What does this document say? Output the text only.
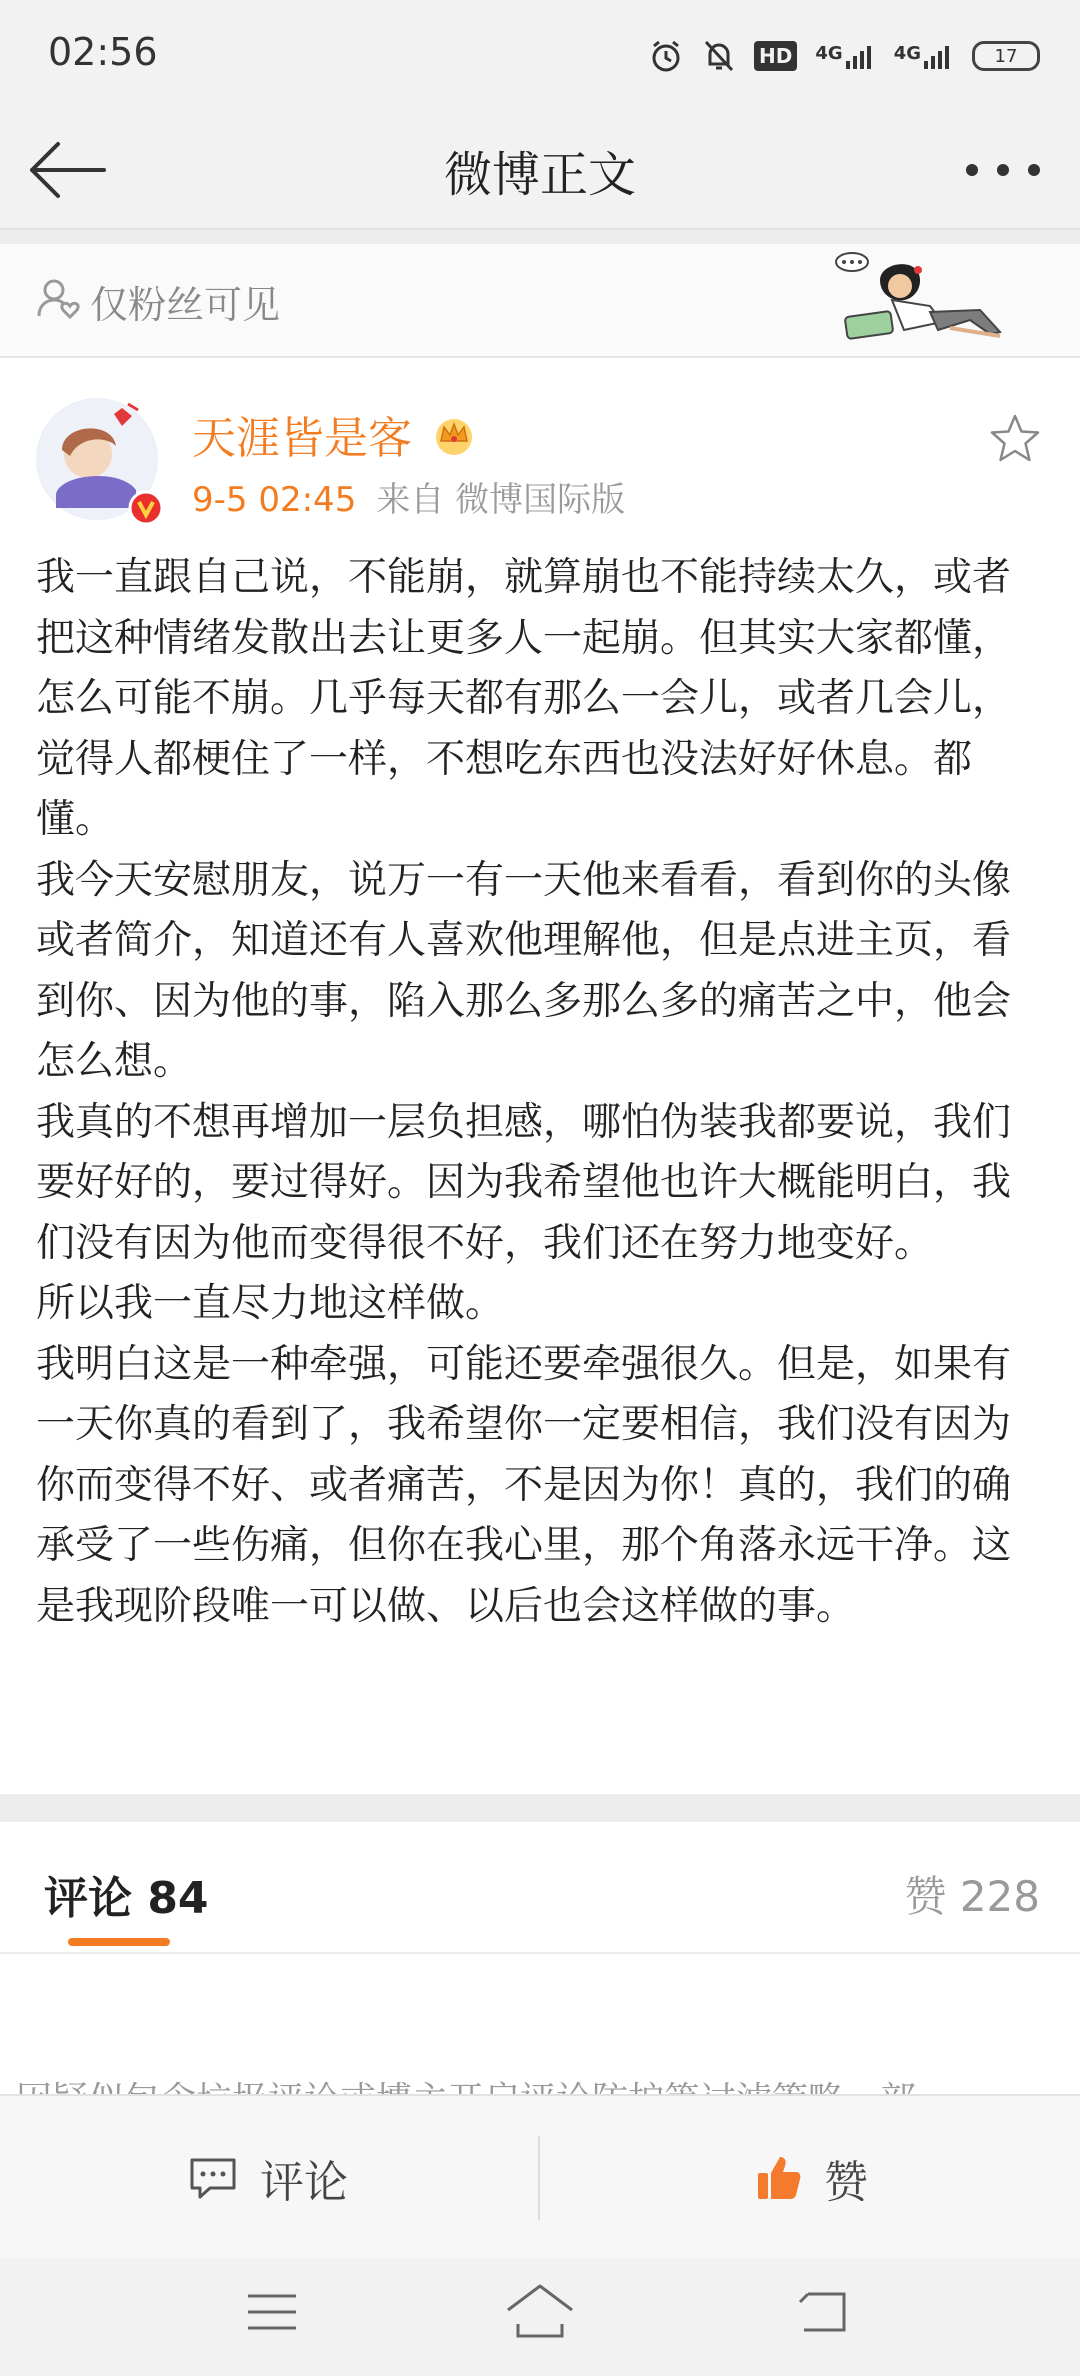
02:56	HD 4G	4G	17
微博正文
仅粉丝可见
天涯皆是客
9-5 02:45 来自 微博国际版

我一直跟自己说，不能崩，就算崩也不能持续太久，或者把这种情绪发散出去让更多人一起崩。但其实大家都懂，怎么可能不崩。几乎每天都有那么一会儿，或者几会儿，觉得人都梗住了一样，不想吃东西也没法好好休息。都懂。

我今天安慰朋友，说万一有一天他来看看，看到你的头像或者简介，知道还有人喜欢他理解他，但是点进主页，看到你、因为他的事，陷入那么多那么多的痛苦之中，他会怎么想。

我真的不想再增加一层负担感，哪怕伪装我都要说，我们要好好的，要过得好。因为我希望他也许大概能明白，我们没有因为他而变得很不好，我们还在努力地变好。

所以我一直尽力地这样做。

我明白这是一种牵强，可能还要牵强很久。但是，如果有一天你真的看到了，我希望你一定要相信，我们没有因为你而变得不好、或者痛苦，不是因为你！真的，我们的确承受了一些伤痛，但你在我心里，那个角落永远干净。这是我现阶段唯一可以做、以后也会这样做的事。

评论 84	赞 228
评论	赞
